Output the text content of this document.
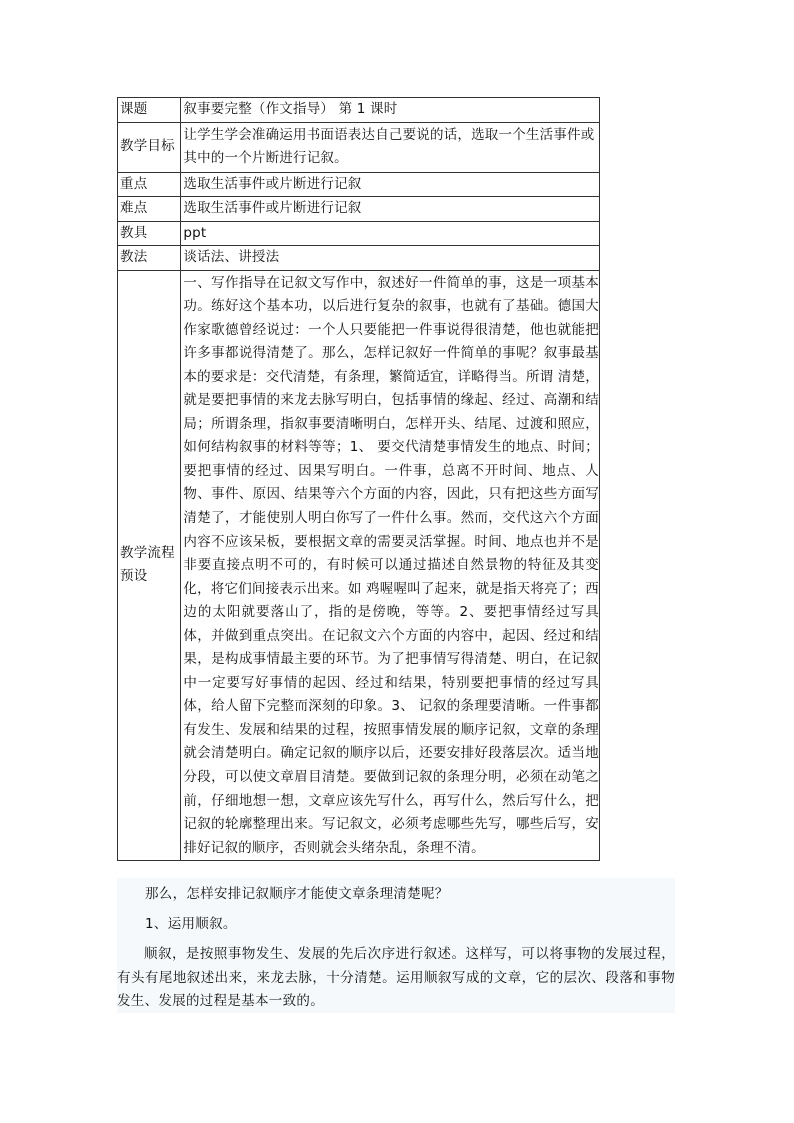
课题	叙事要完整（作文指导） 第 1 课时
教学目标	让学生学会准确运用书面语表达自己要说的话，选取一个生活事件或其中的一个片断进行记叙。
重点	选取生活事件或片断进行记叙
难点	选取生活事件或片断进行记叙
教具	ppt
教法	谈话法、讲授法
教学流程预设	一、写作指导在记叙文写作中，叙述好一件简单的事，这是一项基本功。练好这个基本功，以后进行复杂的叙事，也就有了基础。德国大作家歌德曾经说过：一个人只要能把一件事说得很清楚，他也就能把许多事都说得清楚了。那么，怎样记叙好一件简单的事呢？叙事最基本的要求是：交代清楚，有条理，繁简适宜，详略得当。所谓 清楚，就是要把事情的来龙去脉写明白，包括事情的缘起、经过、高潮和结局；所谓条理，指叙事要清晰明白，怎样开头、结尾、过渡和照应，如何结构叙事的材料等等；1、 要交代清楚事情发生的地点、时间；要把事情的经过、因果写明白。一件事，总离不开时间、地点、人物、事件、原因、结果等六个方面的内容，因此，只有把这些方面写清楚了，才能使别人明白你写了一件什么事。然而，交代这六个方面内容不应该呆板，要根据文章的需要灵活掌握。时间、地点也并不是非要直接点明不可的，有时候可以通过描述自然景物的特征及其变化，将它们间接表示出来。如 鸡喔喔叫了起来，就是指天将亮了；西边的太阳就要落山了，指的是傍晚，等等。2、要把事情经过写具体，并做到重点突出。在记叙文六个方面的内容中，起因、经过和结果，是构成事情最主要的环节。为了把事情写得清楚、明白，在记叙中一定要写好事情的起因、经过和结果，特别要把事情的经过写具体，给人留下完整而深刻的印象。3、 记叙的条理要清晰。一件事都有发生、发展和结果的过程，按照事情发展的顺序记叙，文章的条理就会清楚明白。确定记叙的顺序以后，还要安排好段落层次。适当地分段，可以使文章眉目清楚。要做到记叙的条理分明，必须在动笔之前，仔细地想一想，文章应该先写什么，再写什么，然后写什么，把记叙的轮廓整理出来。写记叙文，必须考虑哪些先写，哪些后写，安排好记叙的顺序，否则就会头绪杂乱，条理不清。

那么，怎样安排记叙顺序才能使文章条理清楚呢？

1、运用顺叙。

顺叙，是按照事物发生、发展的先后次序进行叙述。这样写，可以将事物的发展过程，有头有尾地叙述出来，来龙去脉，十分清楚。运用顺叙写成的文章，它的层次、段落和事物发生、发展的过程是基本一致的。
